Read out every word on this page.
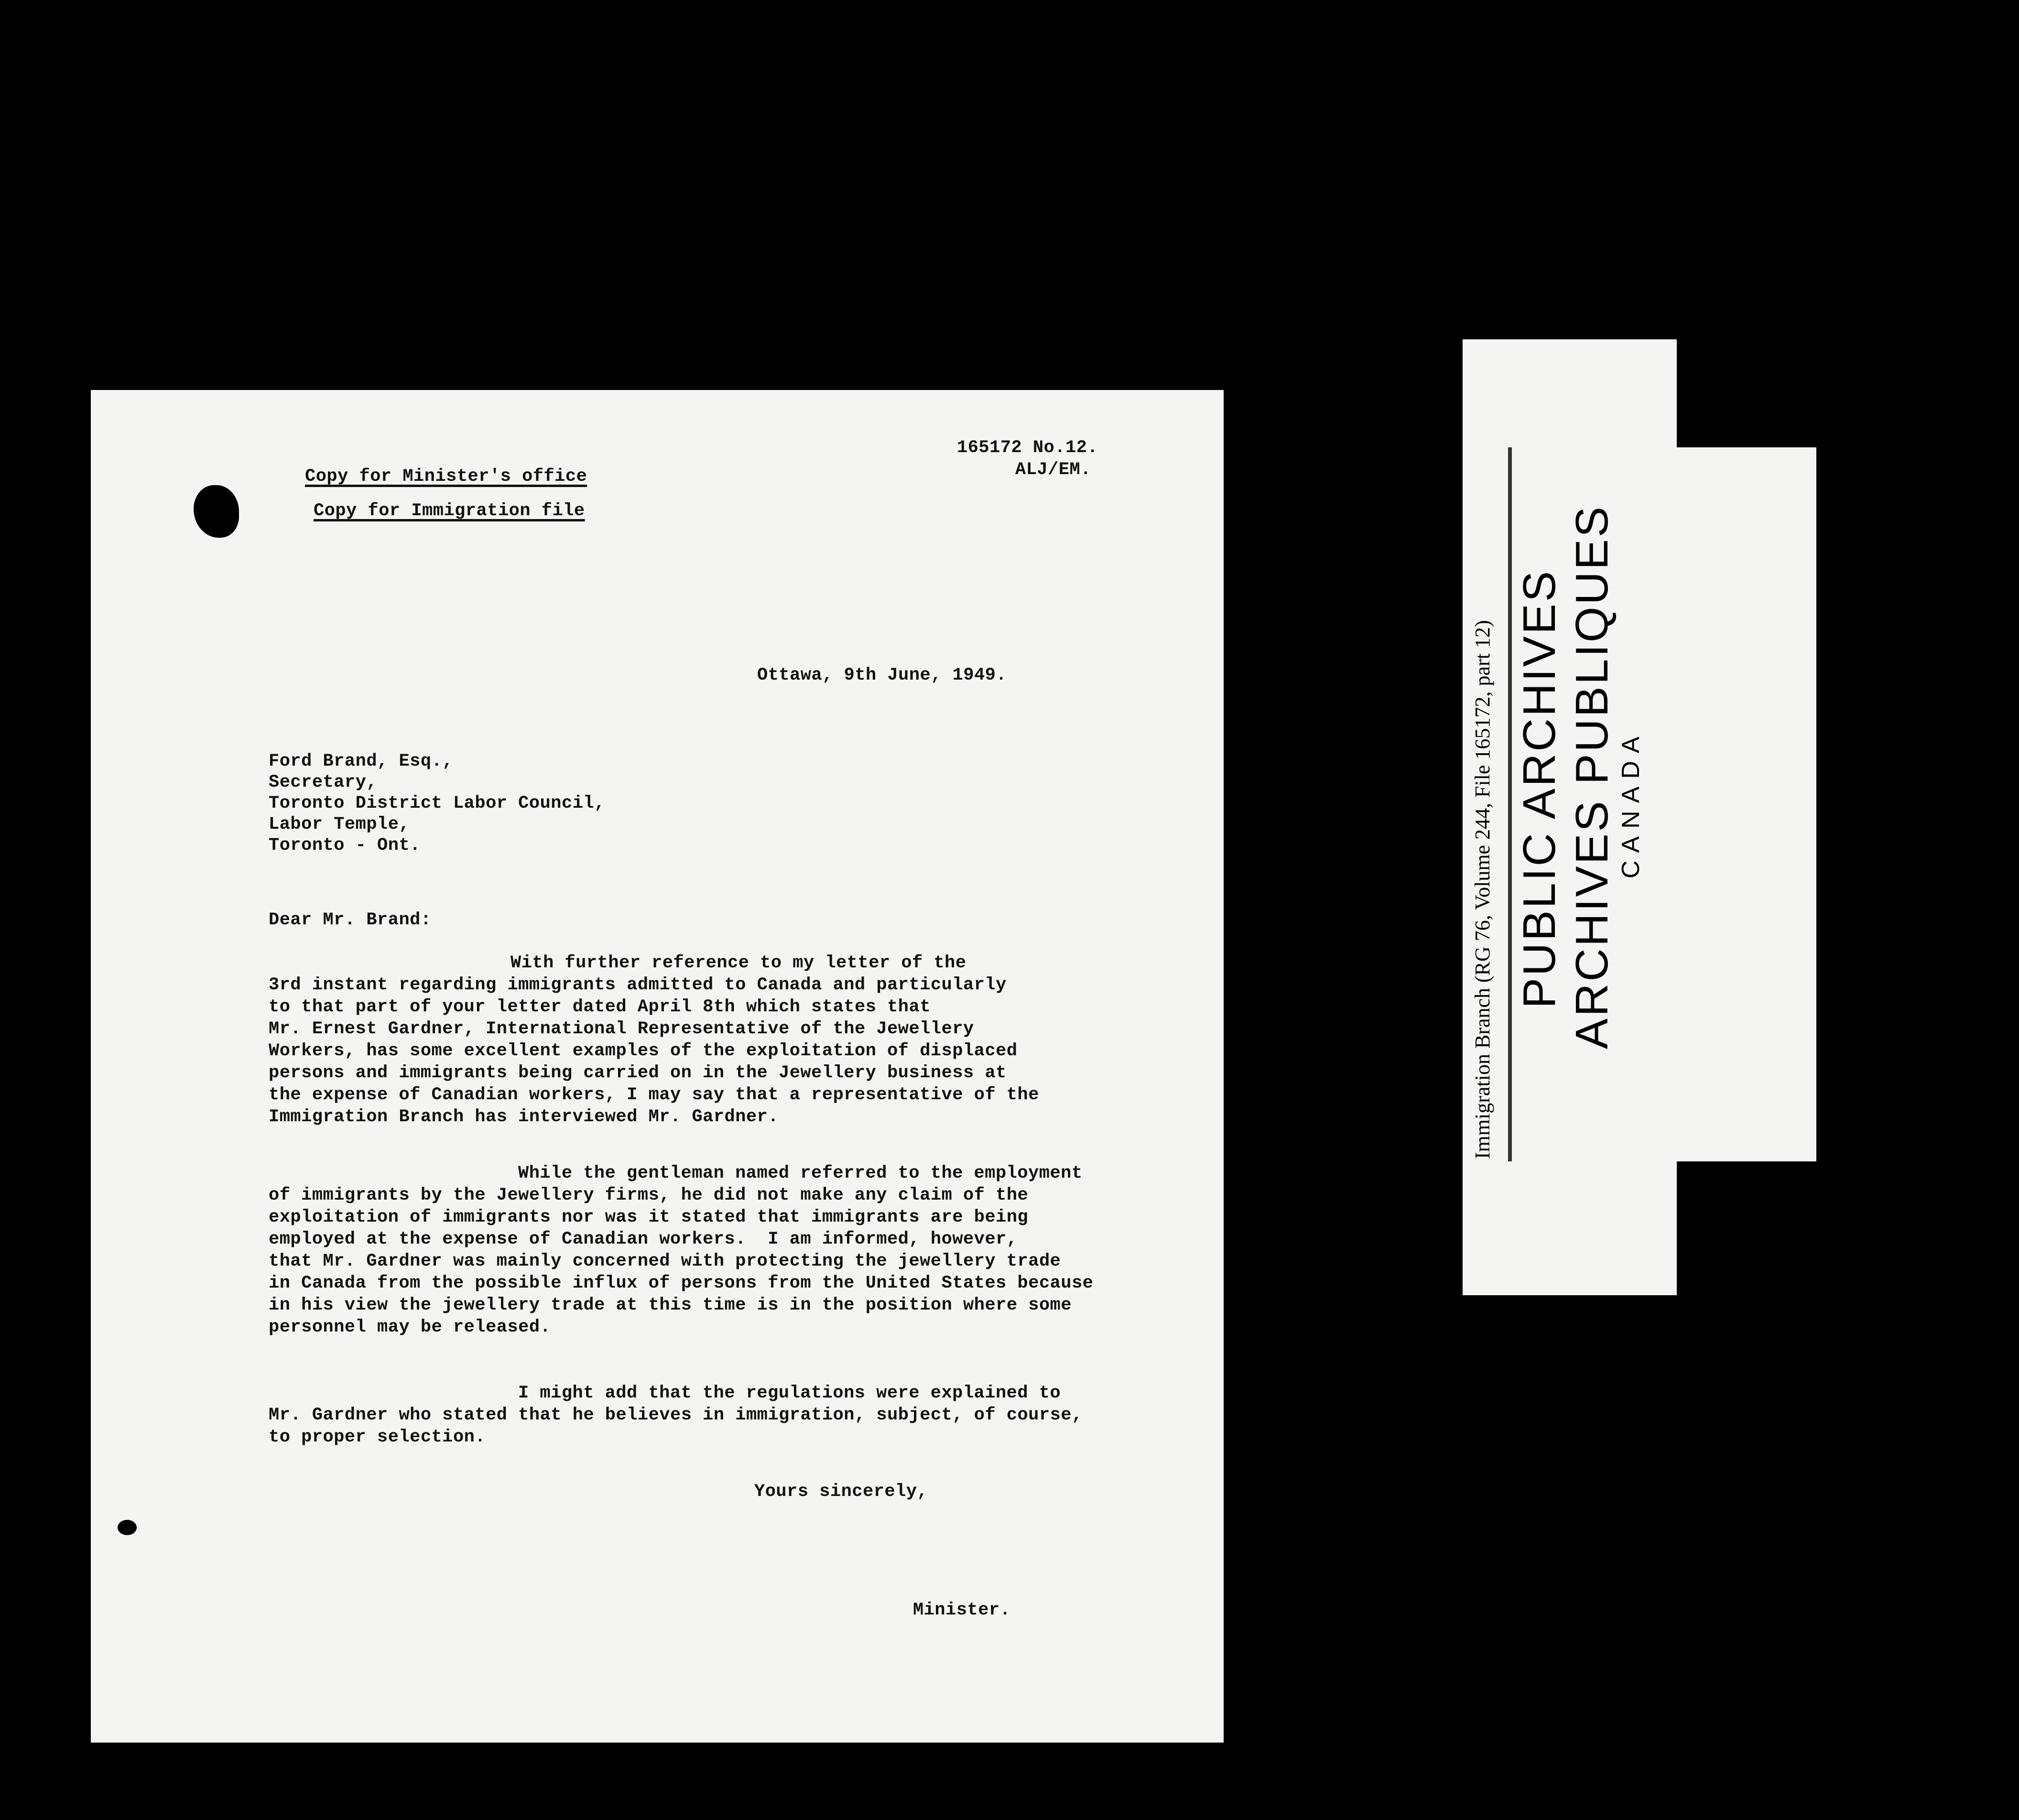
Copy for Minister's office

Copy for Immigration file

165172 No.12.

ALJ/EM.

Ottawa, 9th June, 1949.

Ford Brand, Esq.,

Secretary,

Toronto District Labor Council,

Labor Temple,

Toronto - Ont.

Dear Mr. Brand:

With further reference to my letter of the

3rd instant regarding immigrants admitted to Canada and particularly

to that part of your letter dated April 8th which states that

Mr. Ernest Gardner, International Representative of the Jewellery

Workers, has some excellent examples of the exploitation of displaced

persons and immigrants being carried on in the Jewellery business at

the expense of Canadian workers, I may say that a representative of the

Immigration Branch has interviewed Mr. Gardner.

While the gentleman named referred to the employment

of immigrants by the Jewellery firms, he did not make any claim of the

exploitation of immigrants nor was it stated that immigrants are being

employed at the expense of Canadian workers.  I am informed, however,

that Mr. Gardner was mainly concerned with protecting the jewellery trade

in Canada from the possible influx of persons from the United States because

in his view the jewellery trade at this time is in the position where some

personnel may be released.

I might add that the regulations were explained to

Mr. Gardner who stated that he believes in immigration, subject, of course,

to proper selection.

Yours sincerely,

Minister.

Immigration Branch (RG 76, Volume 244, File 165172, part 12) PUBLIC ARCHIVES ARCHIVES PUBLIQUES CANADA
